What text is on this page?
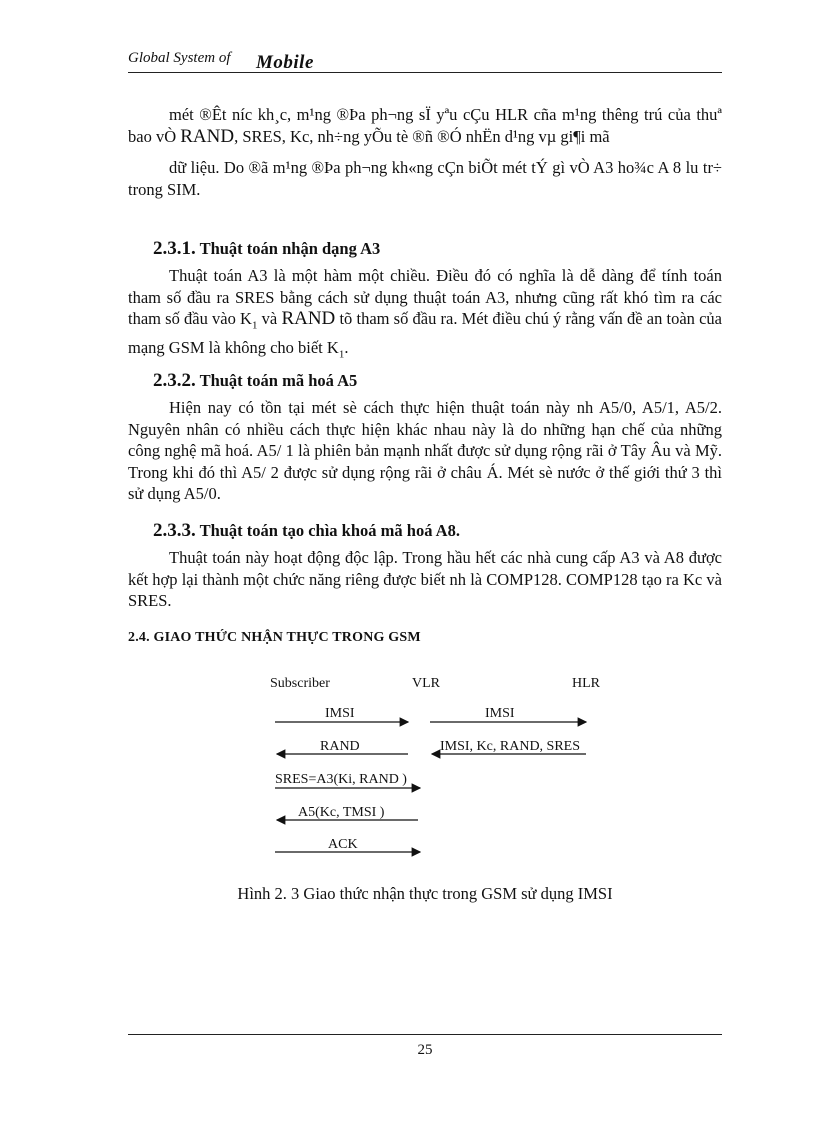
Global System of Mobile

mét ®Êt níc kh¸c, m¹ng ®Þa ph¬ng sÏ yªu cÇu HLR cña m¹ng thêng trú của thuª bao vÒ RAND, SRES, Kc, nh÷ng yÕu tè ®ñ ®Ó nhËn d¹ng vµ gi¶i mã

dữ liệu. Do ®ã m¹ng ®Þa ph¬ng kh«ng cÇn biÕt mét tÝ gì vÒ A3 ho¾c A 8 lu tr÷ trong SIM.

2.3.1. Thuật toán nhận dạng A3

Thuật toán A3 là một hàm một chiều. Điều đó có nghĩa là dễ dàng để tính toán tham số đầu ra SRES bằng cách sử dụng thuật toán A3, nhưng cũng rất khó tìm ra các tham số đầu vào $K_1$ và RAND tõ tham số đầu ra. Mét điều chú ý rằng vấn đề an toàn của mạng GSM là không cho biết $K_1$.

2.3.2. Thuật toán mã hoá A5

Hiện nay có tồn tại mét sè cách thực hiện thuật toán này nh A5/0, A5/1, A5/2. Nguyên nhân có nhiều cách thực hiện khác nhau này là do những hạn chế của những công nghệ mã hoá. A5/ 1 là phiên bản mạnh nhất được sử dụng rộng rãi ở Tây Âu và Mỹ. Trong khi đó thì A5/ 2 được sử dụng rộng rãi ở châu Á. Mét sè nước ở thế giới thứ 3 thì sử dụng A5/0.

2.3.3. Thuật toán tạo chìa khoá mã hoá A8.

Thuật toán này hoạt động độc lập. Trong hầu hết các nhà cung cấp A3 và A8 được kết hợp lại thành một chức năng riêng được biết nh là COMP128. COMP128 tạo ra Kc và SRES.

2.4. GIAO THỨC NHẬN THỰC TRONG GSM
Subscriber	VLR	HLR
IMSI	IMSI
RAND	IMSI, Kc, RAND, SRES
SRES=A3(Ki, RAND )
A5(Kc, TMSI )
ACK
Hình 2. 3 Giao thức nhận thực trong GSM sử dụng IMSI
25
